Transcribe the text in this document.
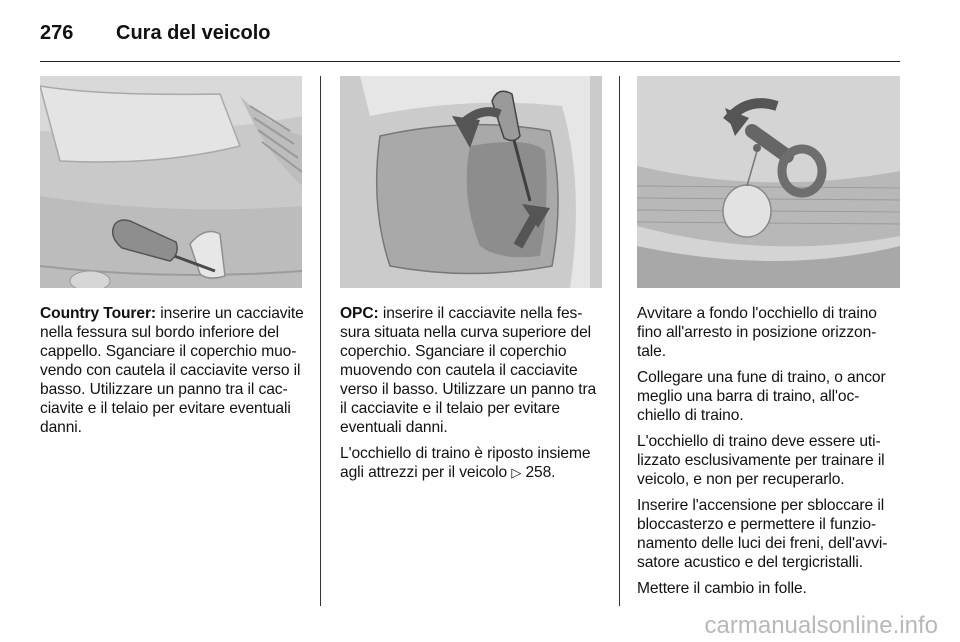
276	Cura del veicolo

Country Tourer: inserire un cacciavite nella fessura sul bordo inferiore del cappello. Sganciare il coperchio muo-vendo con cautela il cacciavite verso il basso. Utilizzare un panno tra il cac-ciavite e il telaio per evitare eventuali danni.

OPC: inserire il cacciavite nella fes-sura situata nella curva superiore del coperchio. Sganciare il coperchio muovendo con cautela il cacciavite verso il basso. Utilizzare un panno tra il cacciavite e il telaio per evitare eventuali danni.

L'occhiello di traino è riposto insieme agli attrezzi per il veicolo ▷ 258.

Avvitare a fondo l'occhiello di traino fino all'arresto in posizione orizzon-tale.

Collegare una fune di traino, o ancor meglio una barra di traino, all'oc-chiello di traino.

L'occhiello di traino deve essere uti-lizzato esclusivamente per trainare il veicolo, e non per recuperarlo.

Inserire l'accensione per sbloccare il bloccasterzo e permettere il funzio-namento delle luci dei freni, dell'avvi-satore acustico e del tergicristalli.

Mettere il cambio in folle.

carmanualsonline.info
